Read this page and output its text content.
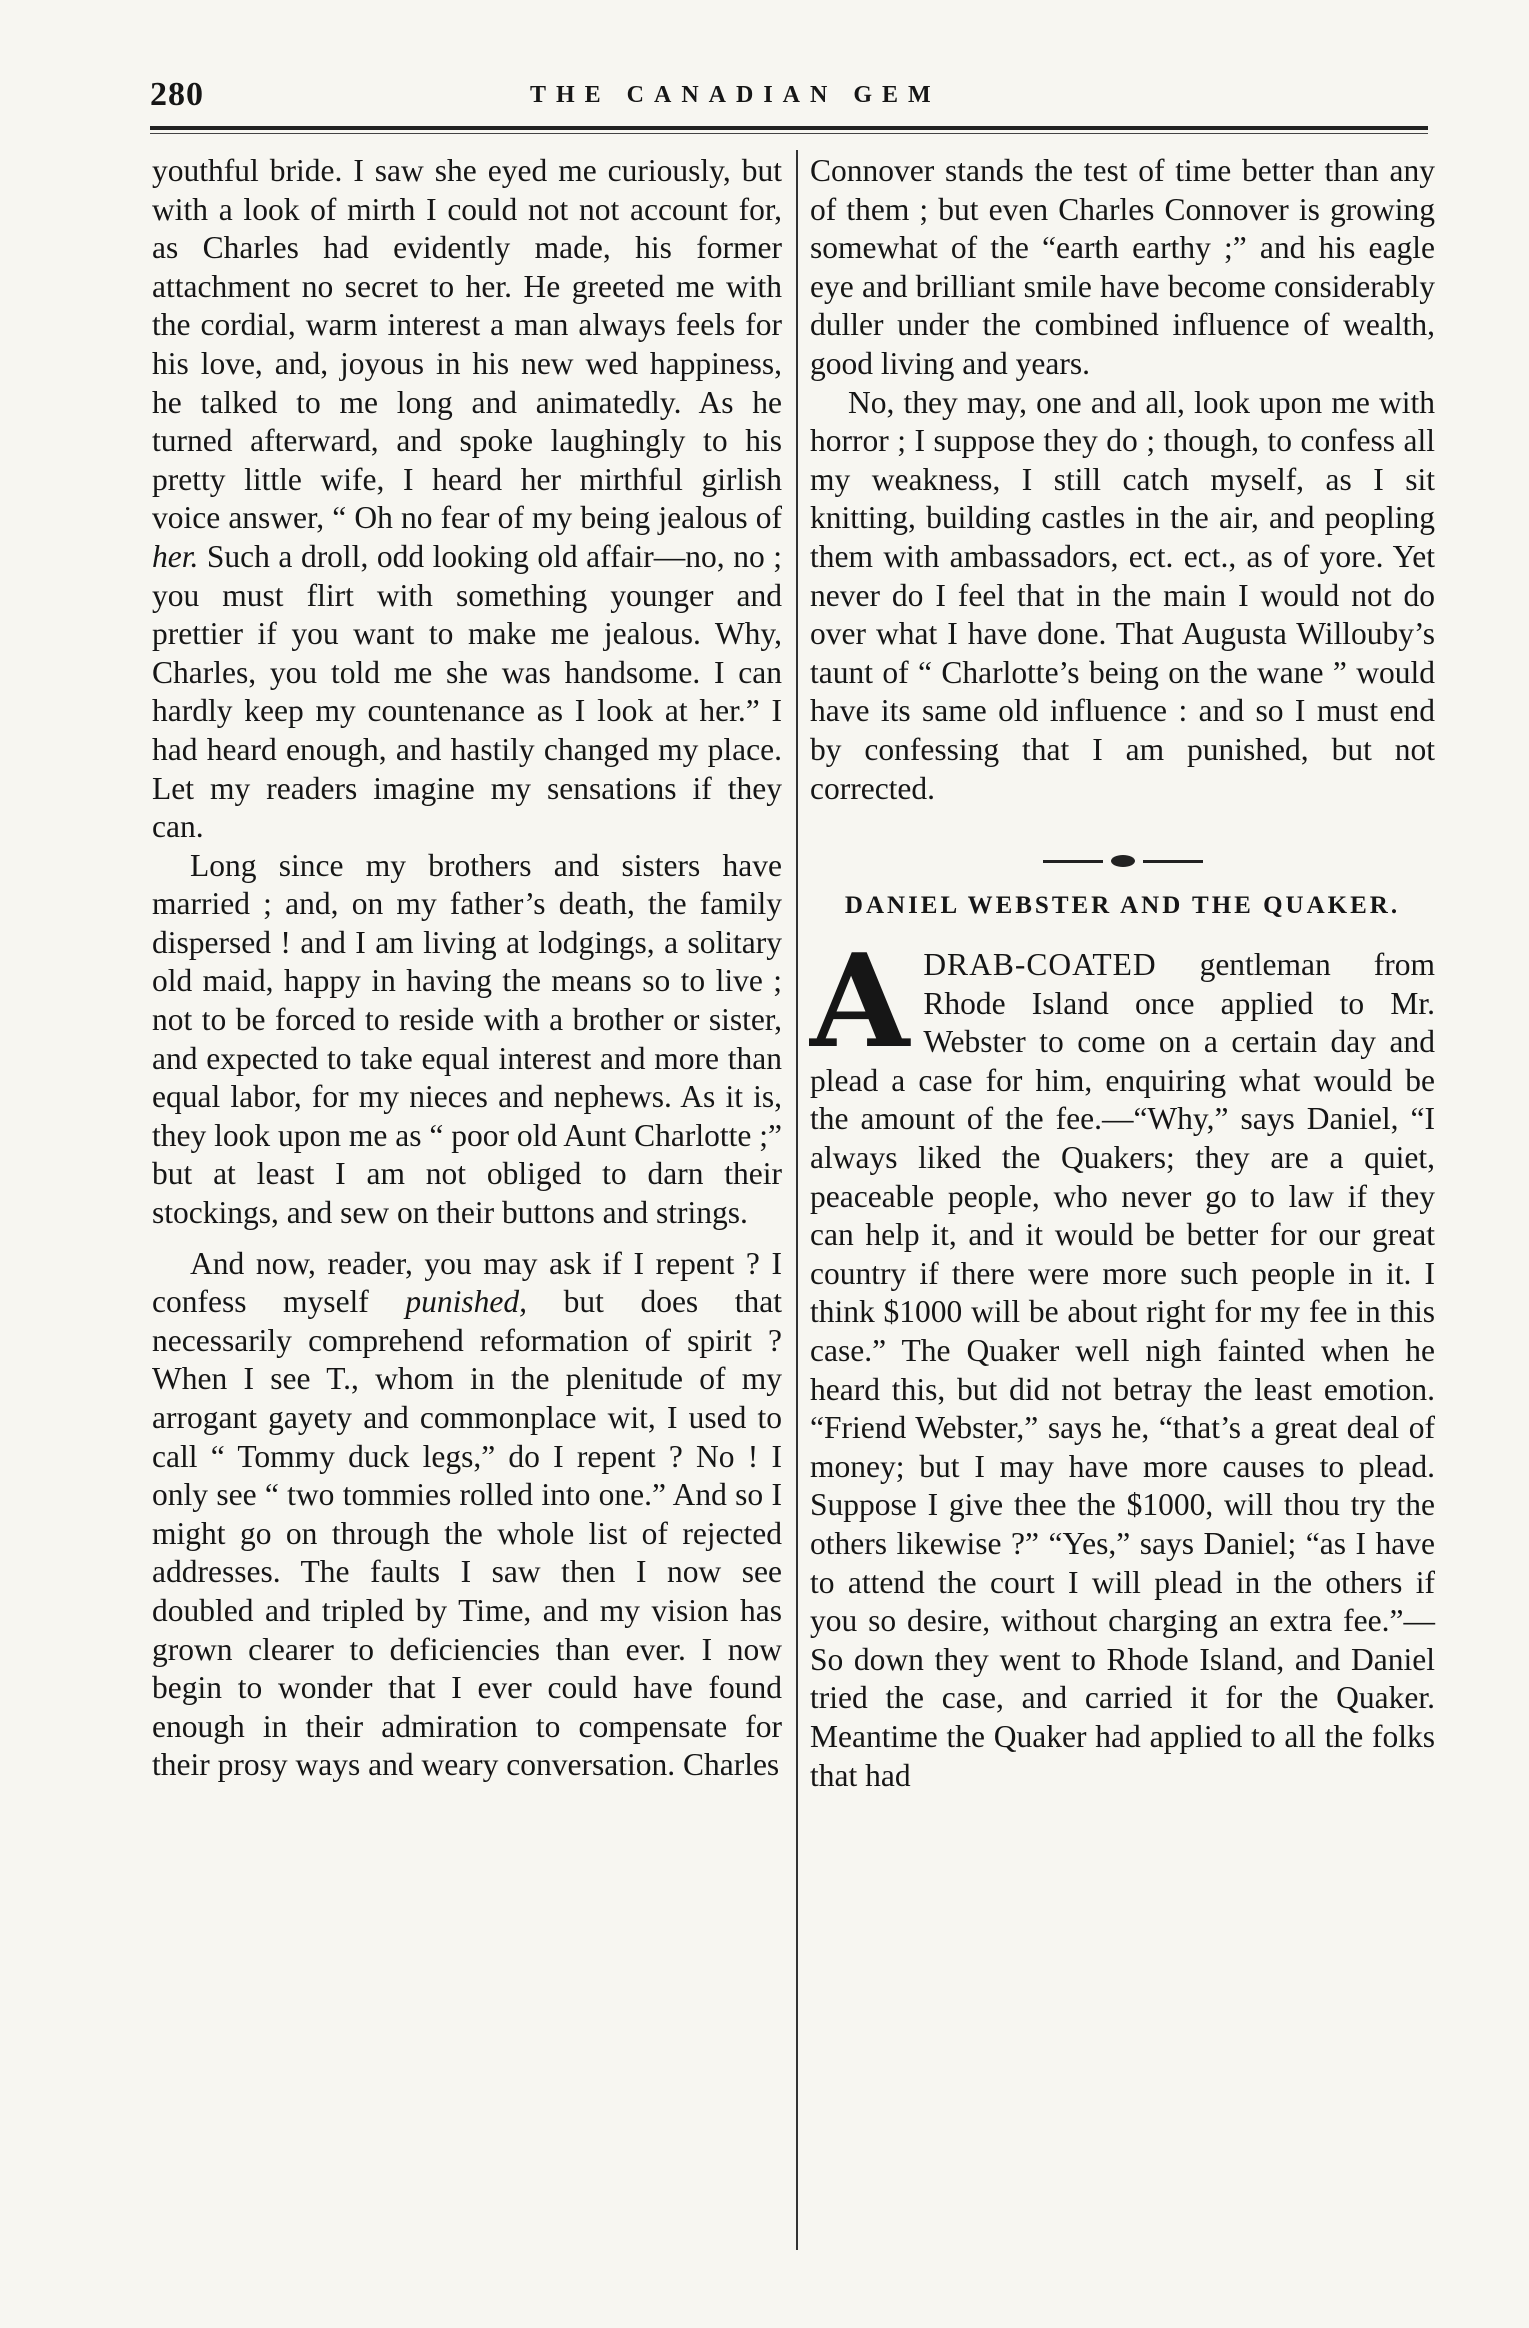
280	THE CANADIAN GEM

youthful bride. I saw she eyed me curiously, but with a look of mirth I could not not account for, as Charles had evidently made, his former attachment no secret to her. He greeted me with the cordial, warm interest a man always feels for his love, and, joyous in his new wed happiness, he talked to me long and animatedly. As he turned afterward, and spoke laughingly to his pretty little wife, I heard her mirthful girlish voice answer, “ Oh no fear of my being jealous of her. Such a droll, odd looking old affair—no, no ; you must flirt with something younger and prettier if you want to make me jealous. Why, Charles, you told me she was handsome. I can hardly keep my countenance as I look at her.” I had heard enough, and hastily changed my place. Let my readers imagine my sensations if they can.

Long since my brothers and sisters have married ; and, on my father’s death, the family dispersed ! and I am living at lodgings, a solitary old maid, happy in having the means so to live ; not to be forced to reside with a brother or sister, and expected to take equal interest and more than equal labor, for my nieces and nephews. As it is, they look upon me as “ poor old Aunt Charlotte ;” but at least I am not obliged to darn their stockings, and sew on their buttons and strings.

And now, reader, you may ask if I repent ? I confess myself punished, but does that necessarily comprehend reformation of spirit ? When I see T., whom in the plenitude of my arrogant gayety and commonplace wit, I used to call “ Tommy duck legs,” do I repent ? No ! I only see “ two tommies rolled into one.” And so I might go on through the whole list of rejected addresses. The faults I saw then I now see doubled and tripled by Time, and my vision has grown clearer to deficiencies than ever. I now begin to wonder that I ever could have found enough in their admiration to compensate for their prosy ways and weary conversation. Charles

Connover stands the test of time better than any of them ; but even Charles Connover is growing somewhat of the “earth earthy ;” and his eagle eye and brilliant smile have become considerably duller under the combined influence of wealth, good living and years.

No, they may, one and all, look upon me with horror ; I suppose they do ; though, to confess all my weakness, I still catch myself, as I sit knitting, building castles in the air, and peopling them with ambassadors, ect. ect., as of yore. Yet never do I feel that in the main I would not do over what I have done. That Augusta Willouby’s taunt of “ Charlotte’s being on the wane ” would have its same old influence : and so I must end by confessing that I am punished, but not corrected.

DANIEL WEBSTER AND THE QUAKER.

ADRAB-COATED gentleman from Rhode Island once applied to Mr. Webster to come on a certain day and plead a case for him, enquiring what would be the amount of the fee.—“Why,” says Daniel, “I always liked the Quakers; they are a quiet, peaceable people, who never go to law if they can help it, and it would be better for our great country if there were more such people in it. I think $1000 will be about right for my fee in this case.” The Quaker well nigh fainted when he heard this, but did not betray the least emotion. “Friend Webster,” says he, “that’s a great deal of money; but I may have more causes to plead. Suppose I give thee the $1000, will thou try the others likewise ?” “Yes,” says Daniel; “as I have to attend the court I will plead in the others if you so desire, without charging an extra fee.”—So down they went to Rhode Island, and Daniel tried the case, and carried it for the Quaker. Meantime the Quaker had applied to all the folks that had
